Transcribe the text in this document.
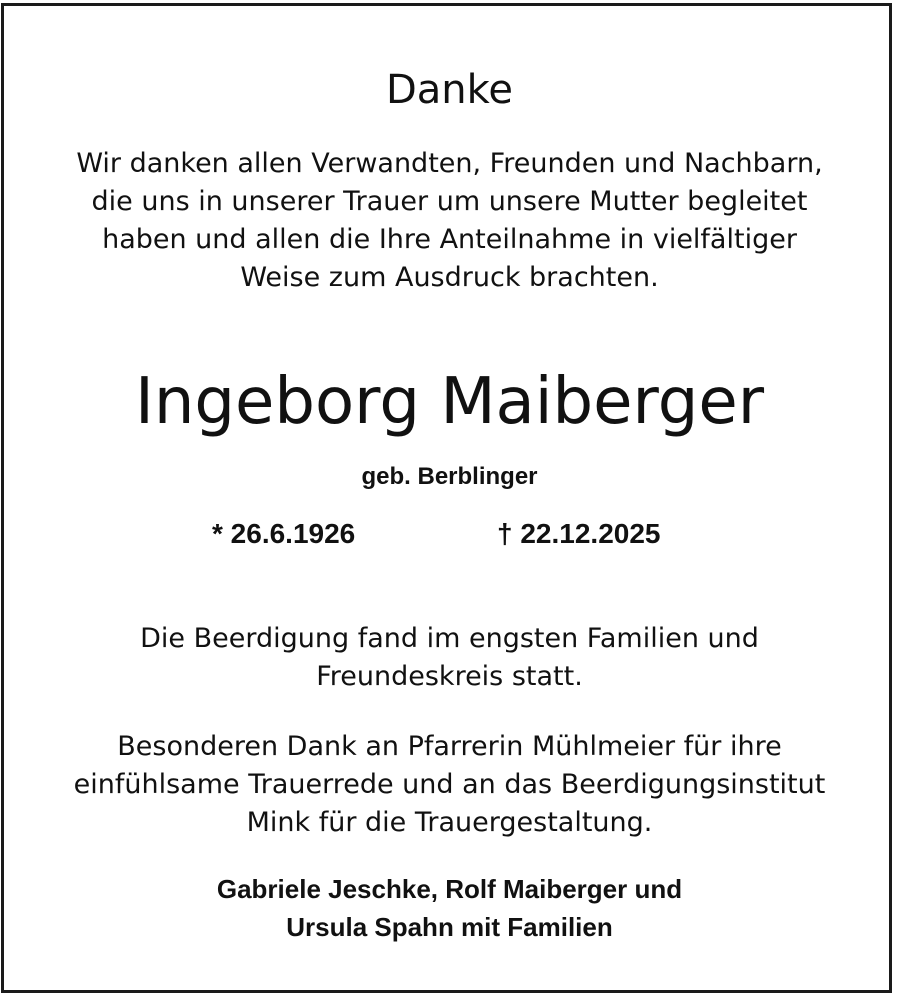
Danke
Wir danken allen Verwandten, Freunden und Nachbarn,
die uns in unserer Trauer um unsere Mutter begleitet
haben und allen die Ihre Anteilnahme in vielfältiger
Weise zum Ausdruck brachten.
Ingeborg Maiberger
geb. Berblinger
* 26.6.1926	† 22.12.2025
Die Beerdigung fand im engsten Familien und
Freundeskreis statt.
Besonderen Dank an Pfarrerin Mühlmeier für ihre
einfühlsame Trauerrede und an das Beerdigungsinstitut
Mink für die Trauergestaltung.
Gabriele Jeschke, Rolf Maiberger und
Ursula Spahn mit Familien
